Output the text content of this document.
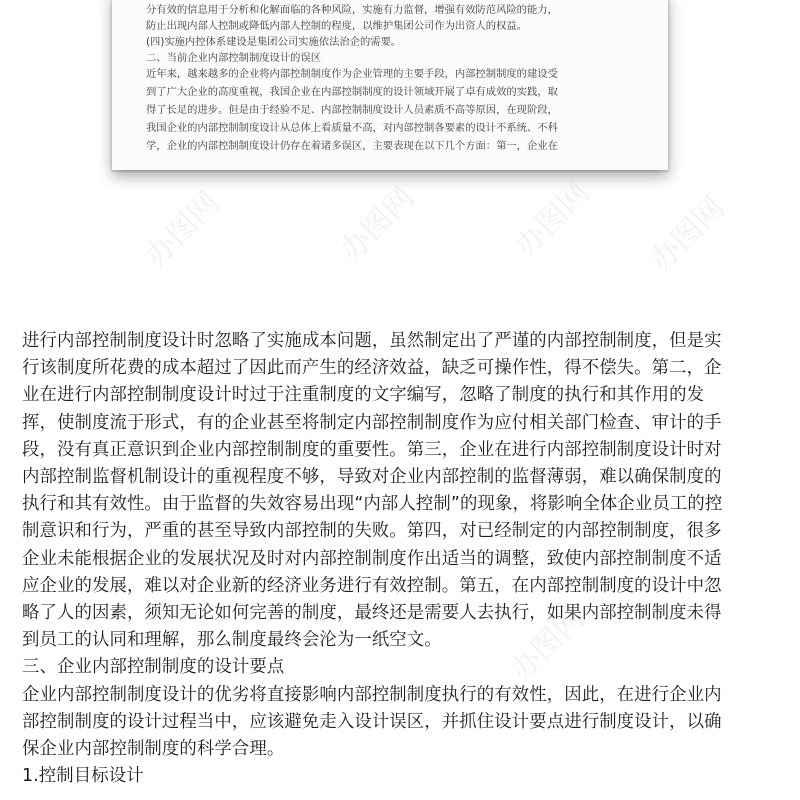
分有效的信息用于分析和化解面临的各种风险，实施有力监督，增强有效防范风险的能力，
防止出现内部人控制或降低内部人控制的程度，以维护集团公司作为出资人的权益。
(四)实施内控体系建设是集团公司实施依法治企的需要。
二、当前企业内部控制制度设计的误区
近年来，越来越多的企业将内部控制制度作为企业管理的主要手段，内部控制制度的建设受
到了广大企业的高度重视，我国企业在内部控制制度的设计领域开展了卓有成效的实践，取
得了长足的进步。但是由于经验不足、内部控制制度设计人员素质不高等原因，在现阶段，
我国企业的内部控制制度设计从总体上看质量不高，对内部控制各要素的设计不系统、不科
学，企业的内部控制制度设计仍存在着诸多误区，主要表现在以下几个方面：第一，企业在
办图网	办图网	办图网 办图网
办图网
进行内部控制制度设计时忽略了实施成本问题，虽然制定出了严谨的内部控制制度，但是实
行该制度所花费的成本超过了因此而产生的经济效益，缺乏可操作性，得不偿失。第二，企
业在进行内部控制制度设计时过于注重制度的文字编写，忽略了制度的执行和其作用的发
挥，使制度流于形式，有的企业甚至将制定内部控制制度作为应付相关部门检查、审计的手
段，没有真正意识到企业内部控制制度的重要性。第三，企业在进行内部控制制度设计时对
内部控制监督机制设计的重视程度不够，导致对企业内部控制的监督薄弱，难以确保制度的
执行和其有效性。由于监督的失效容易出现“内部人控制”的现象，将影响全体企业员工的控
制意识和行为，严重的甚至导致内部控制的失败。第四，对已经制定的内部控制制度，很多
企业未能根据企业的发展状况及时对内部控制制度作出适当的调整，致使内部控制制度不适
应企业的发展，难以对企业新的经济业务进行有效控制。第五，在内部控制制度的设计中忽
略了人的因素，须知无论如何完善的制度，最终还是需要人去执行，如果内部控制制度未得
到员工的认同和理解，那么制度最终会沦为一纸空文。
三、企业内部控制制度的设计要点
企业内部控制制度设计的优劣将直接影响内部控制制度执行的有效性，因此，在进行企业内
部控制制度的设计过程当中，应该避免走入设计误区，并抓住设计要点进行制度设计，以确
保企业内部控制制度的科学合理。
1.控制目标设计
